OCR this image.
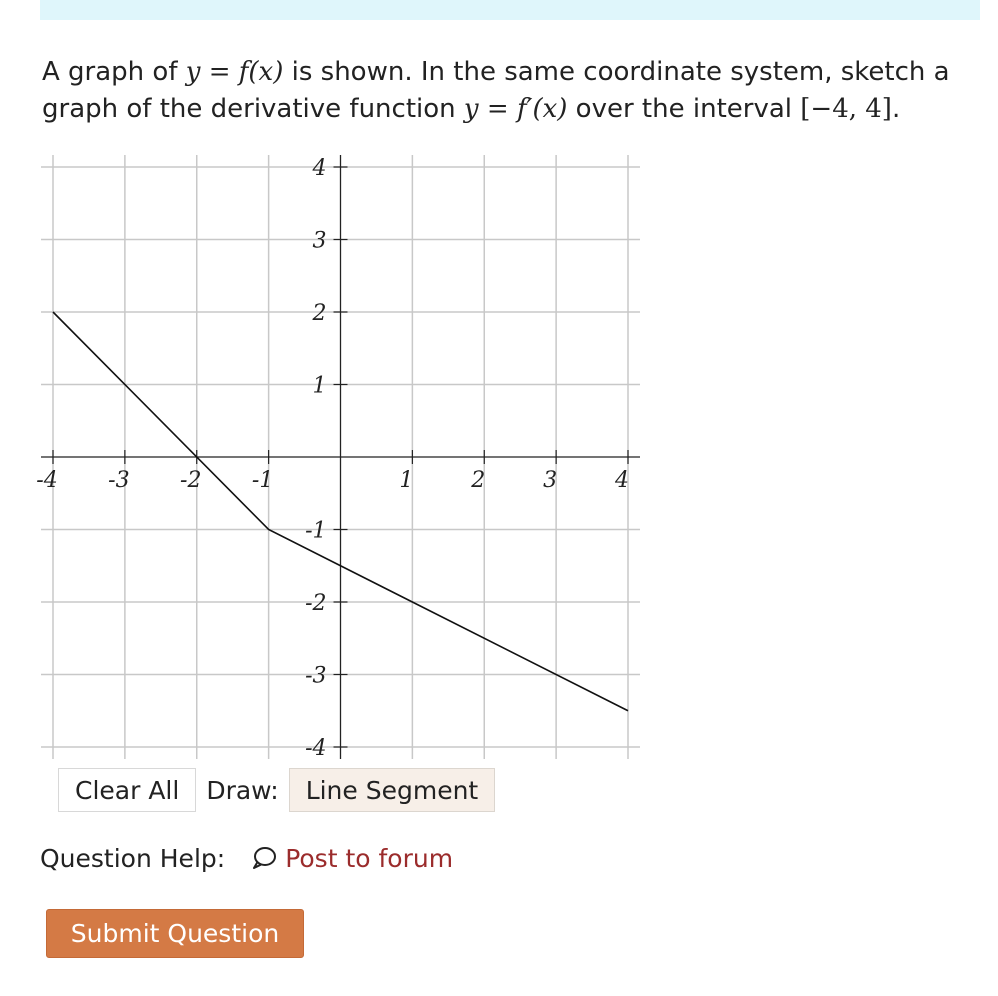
A graph of y = f(x) is shown. In the same coordinate system, sketch a graph of the derivative function y = f′(x) over the interval [−4, 4].
-4 -3 -2 -1	1	2	3	4
4
3
2
1
-1
-2
-3
-4
Clear All	Draw:	Line Segment
Question Help: Post to forum
Submit Question
